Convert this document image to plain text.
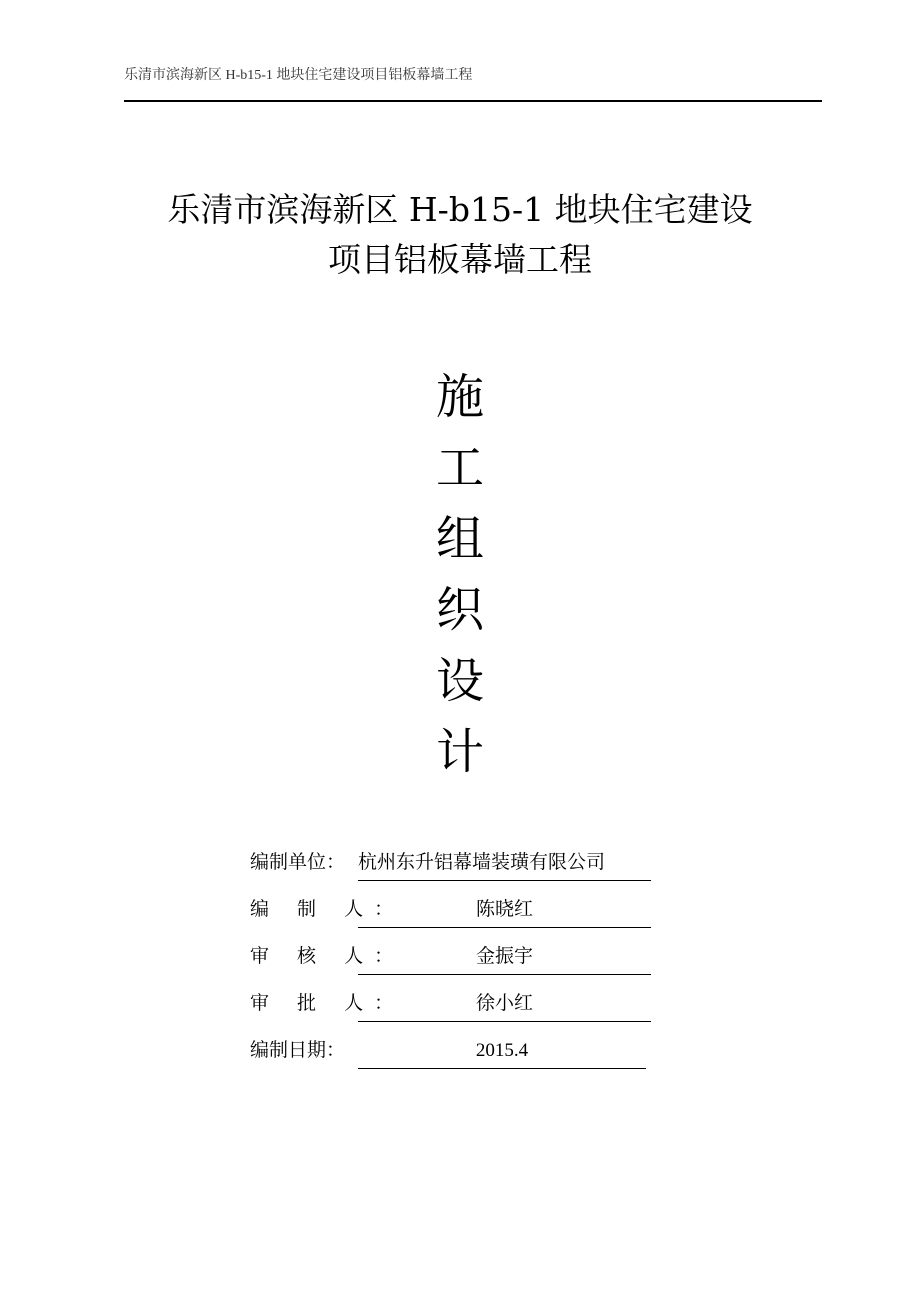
乐清市滨海新区 H-b15-1 地块住宅建设项目铝板幕墙工程
乐清市滨海新区 H-b15-1 地块住宅建设
项目铝板幕墙工程
施
工
组
织
设
计
编制单位： 杭州东升铝幕墙装璜有限公司
编 制 人：	陈晓红
审 核 人：	金振宇
审 批 人：	徐小红
编制日期：	2015.4
